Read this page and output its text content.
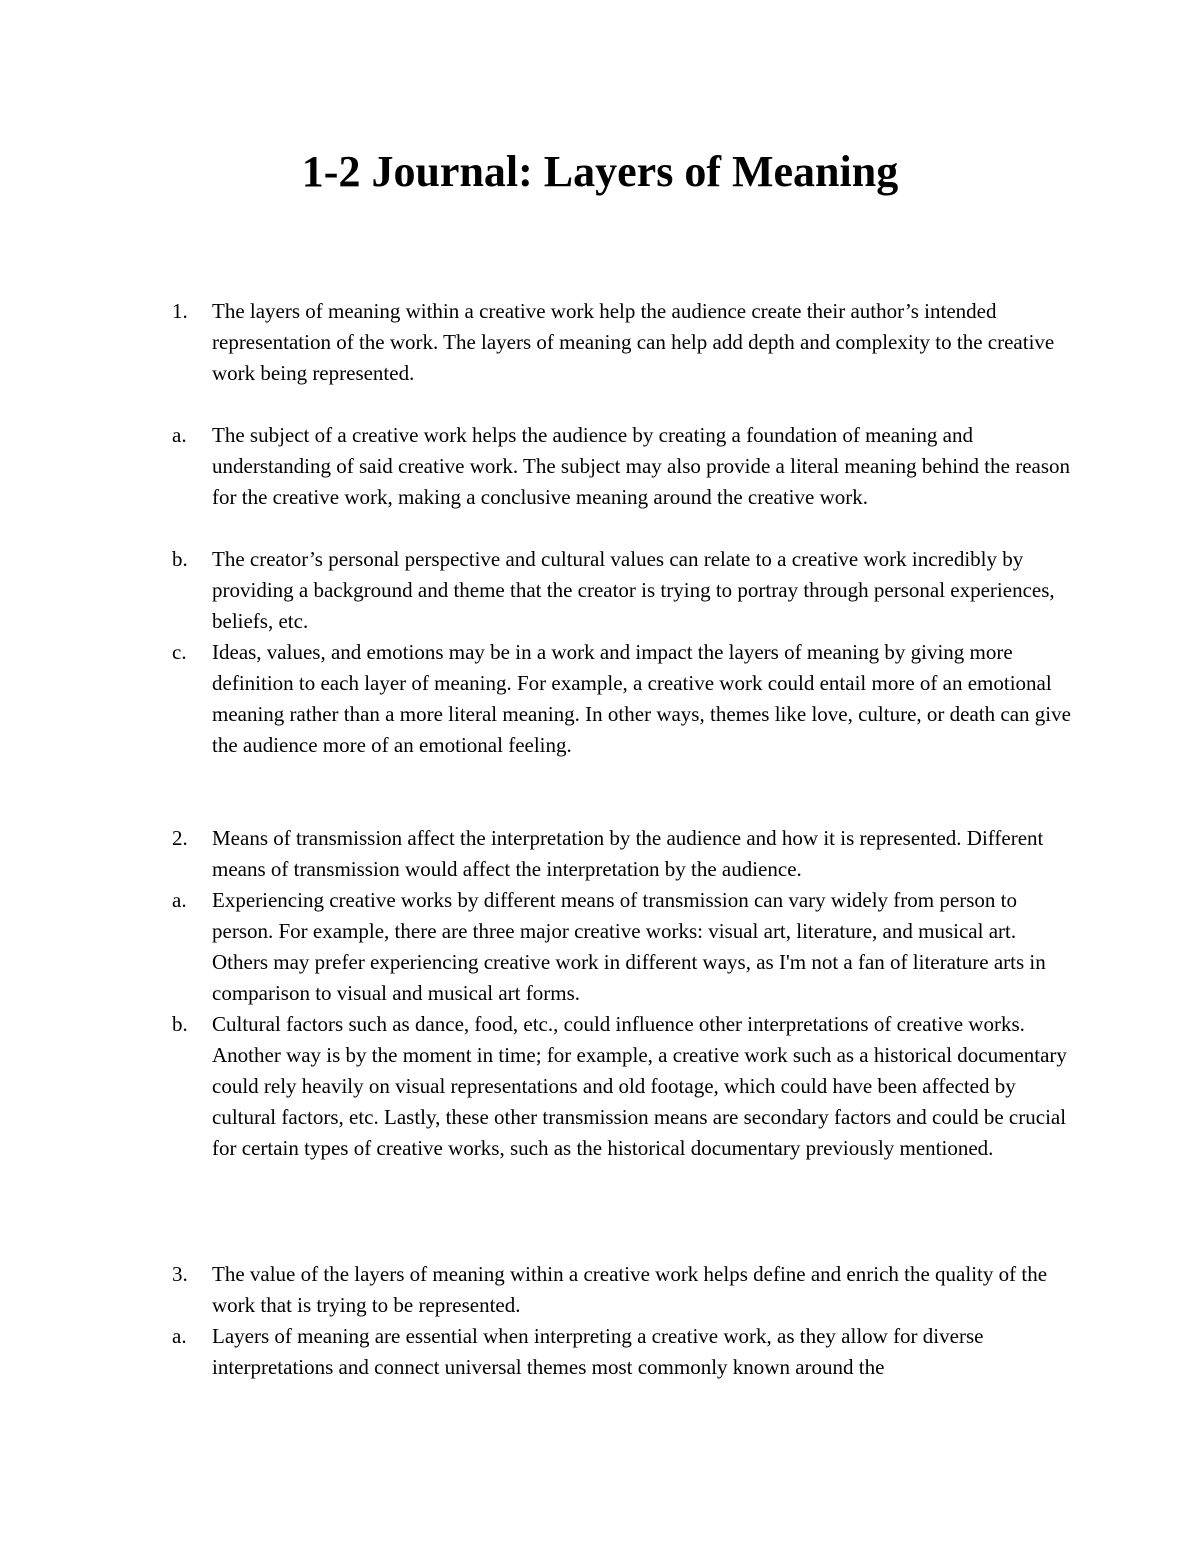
1-2 Journal: Layers of Meaning
1.	The layers of meaning within a creative work help the audience create their author’s intended representation of the work. The layers of meaning can help add depth and complexity to the creative work being represented.
a.	The subject of a creative work helps the audience by creating a foundation of meaning and understanding of said creative work. The subject may also provide a literal meaning behind the reason for the creative work, making a conclusive meaning around the creative work.
b.	The creator’s personal perspective and cultural values can relate to a creative work incredibly by providing a background and theme that the creator is trying to portray through personal experiences, beliefs, etc.
c.	Ideas, values, and emotions may be in a work and impact the layers of meaning by giving more definition to each layer of meaning. For example, a creative work could entail more of an emotional meaning rather than a more literal meaning. In other ways, themes like love, culture, or death can give the audience more of an emotional feeling.
2.	Means of transmission affect the interpretation by the audience and how it is represented. Different means of transmission would affect the interpretation by the audience.
a.	Experiencing creative works by different means of transmission can vary widely from person to person. For example, there are three major creative works: visual art, literature, and musical art. Others may prefer experiencing creative work in different ways, as I'm not a fan of literature arts in comparison to visual and musical art forms.
b.	Cultural factors such as dance, food, etc., could influence other interpretations of creative works. Another way is by the moment in time; for example, a creative work such as a historical documentary could rely heavily on visual representations and old footage, which could have been affected by cultural factors, etc. Lastly, these other transmission means are secondary factors and could be crucial for certain types of creative works, such as the historical documentary previously mentioned.
3.	The value of the layers of meaning within a creative work helps define and enrich the quality of the work that is trying to be represented.
a.	Layers of meaning are essential when interpreting a creative work, as they allow for diverse interpretations and connect universal themes most commonly known around the
